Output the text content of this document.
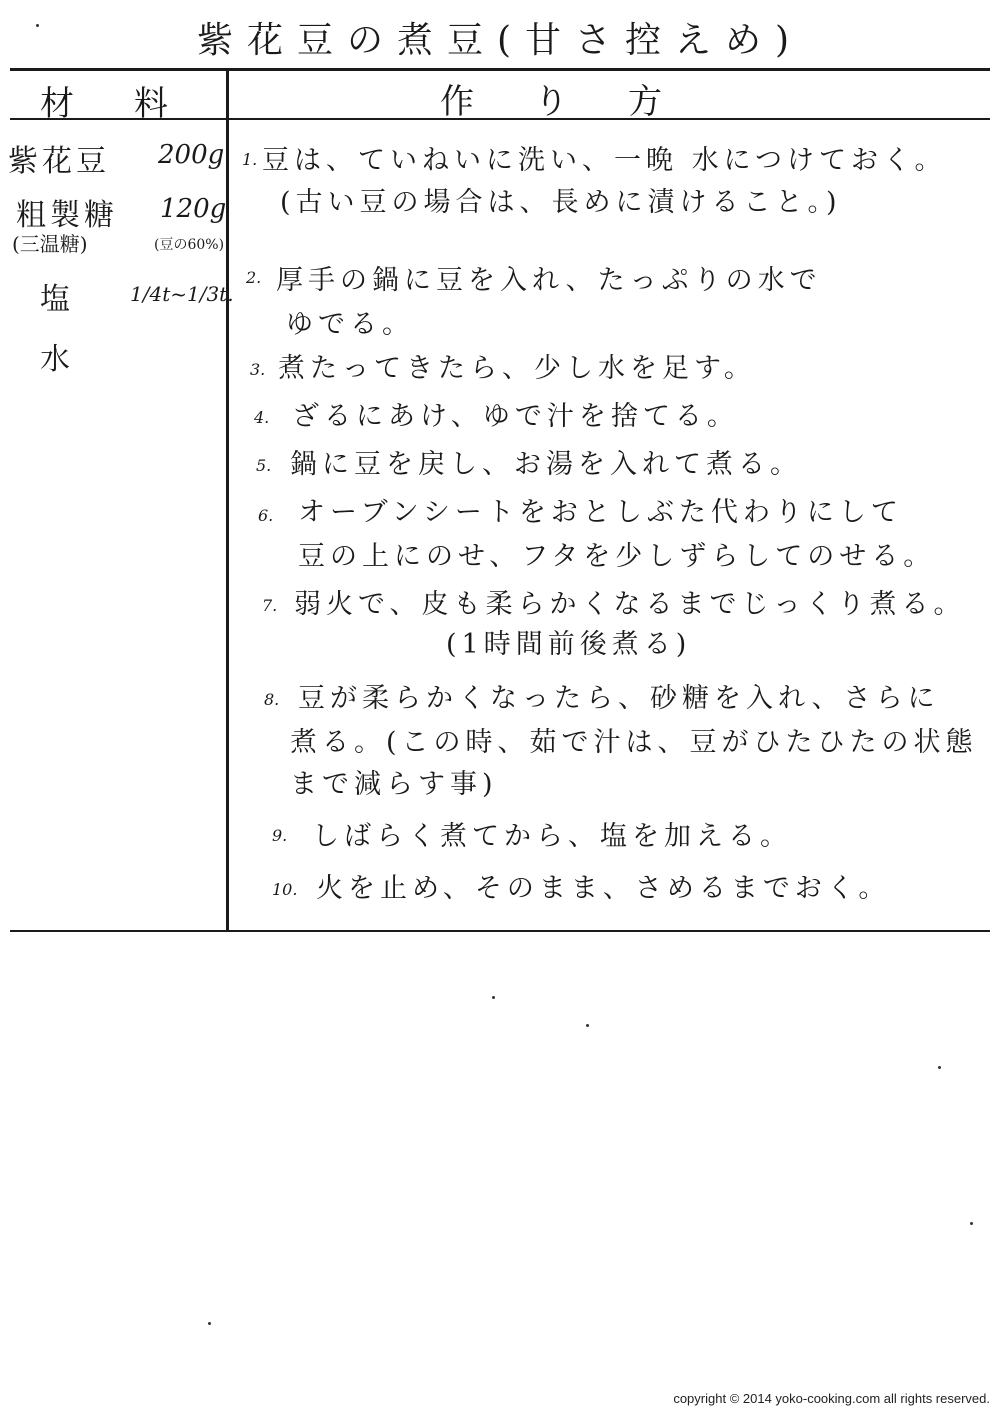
紫花豆の煮豆(甘さ控えめ)
材料	作り方
紫花豆 200g
粗製糖 120g
(三温糖)	(豆の60%)
塩	1/4t~1/3t.
水
1. 豆は、ていねいに洗い、一晩 水につけておく。
(古い豆の場合は、長めに漬けること。)
2. 厚手の鍋に豆を入れ、たっぷりの水で
ゆでる。
3. 煮たってきたら、少し水を足す。
4. ざるにあけ、ゆで汁を捨てる。
5. 鍋に豆を戻し、お湯を入れて煮る。
6. オーブンシートをおとしぶた代わりにして
豆の上にのせ、フタを少しずらしてのせる。
7. 弱火で、皮も柔らかくなるまでじっくり煮る。
(1時間前後煮る)
8. 豆が柔らかくなったら、砂糖を入れ、さらに
煮る。(この時、茹で汁は、豆がひたひたの状態
まで減らす事)
9. しばらく煮てから、塩を加える。
10. 火を止め、そのまま、さめるまでおく。
copyright © 2014 yoko-cooking.com all rights reserved.
